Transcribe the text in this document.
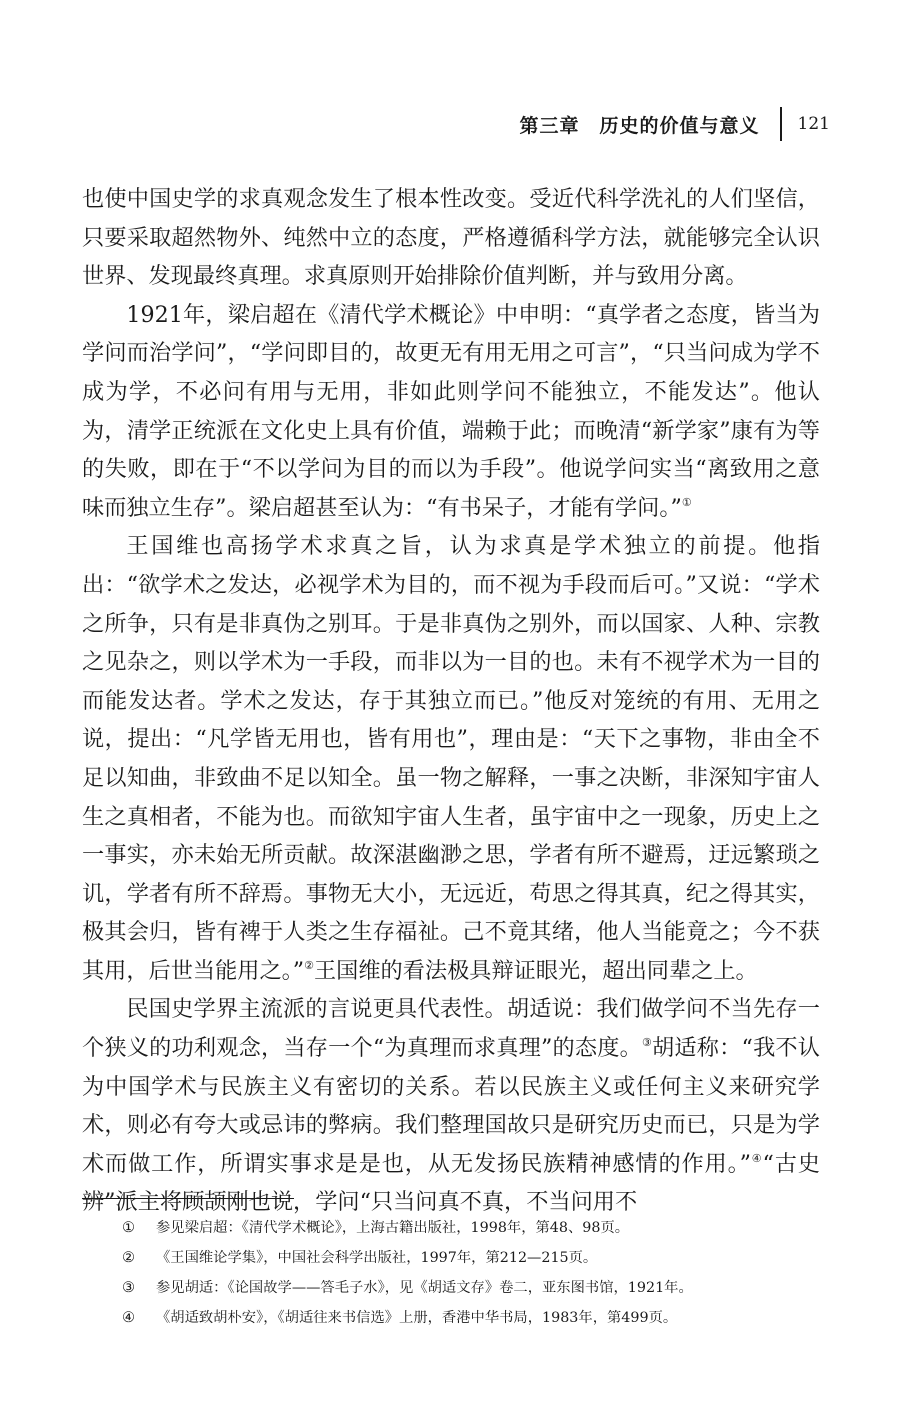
第三章　历史的价值与意义 121

也使中国史学的求真观念发生了根本性改变。受近代科学洗礼的人们坚信，只要采取超然物外、纯然中立的态度，严格遵循科学方法，就能够完全认识世界、发现最终真理。求真原则开始排除价值判断，并与致用分离。

1921年，梁启超在《清代学术概论》中申明：“真学者之态度，皆当为学问而治学问”，“学问即目的，故更无有用无用之可言”，“只当问成为学不成为学，不必问有用与无用，非如此则学问不能独立，不能发达”。他认为，清学正统派在文化史上具有价值，端赖于此；而晚清“新学家”康有为等的失败，即在于“不以学问为目的而以为手段”。他说学问实当“离致用之意味而独立生存”。梁启超甚至认为：“有书呆子，才能有学问。”①

王国维也高扬学术求真之旨，认为求真是学术独立的前提。他指出：“欲学术之发达，必视学术为目的，而不视为手段而后可。”又说：“学术之所争，只有是非真伪之别耳。于是非真伪之别外，而以国家、人种、宗教之见杂之，则以学术为一手段，而非以为一目的也。未有不视学术为一目的而能发达者。学术之发达，存于其独立而已。”他反对笼统的有用、无用之说，提出：“凡学皆无用也，皆有用也”，理由是：“天下之事物，非由全不足以知曲，非致曲不足以知全。虽一物之解释，一事之决断，非深知宇宙人生之真相者，不能为也。而欲知宇宙人生者，虽宇宙中之一现象，历史上之一事实，亦未始无所贡献。故深湛幽渺之思，学者有所不避焉，迂远繁琐之讥，学者有所不辞焉。事物无大小，无远近，苟思之得其真，纪之得其实，极其会归，皆有裨于人类之生存福祉。己不竟其绪，他人当能竟之；今不获其用，后世当能用之。”②王国维的看法极具辩证眼光，超出同辈之上。

民国史学界主流派的言说更具代表性。胡适说：我们做学问不当先存一个狭义的功利观念，当存一个“为真理而求真理”的态度。③胡适称：“我不认为中国学术与民族主义有密切的关系。若以民族主义或任何主义来研究学术，则必有夸大或忌讳的弊病。我们整理国故只是研究历史而已，只是为学术而做工作，所谓实事求是是也，从无发扬民族精神感情的作用。”④“古史辨”派主将顾颉刚也说，学问“只当问真不真，不当问用不

① 参见梁启超：《清代学术概论》，上海古籍出版社，1998年，第48、98页。
② 《王国维论学集》，中国社会科学出版社，1997年，第212—215页。
③ 参见胡适：《论国故学——答毛子水》，见《胡适文存》卷二，亚东图书馆，1921年。
④ 《胡适致胡朴安》，《胡适往来书信选》上册，香港中华书局，1983年，第499页。
